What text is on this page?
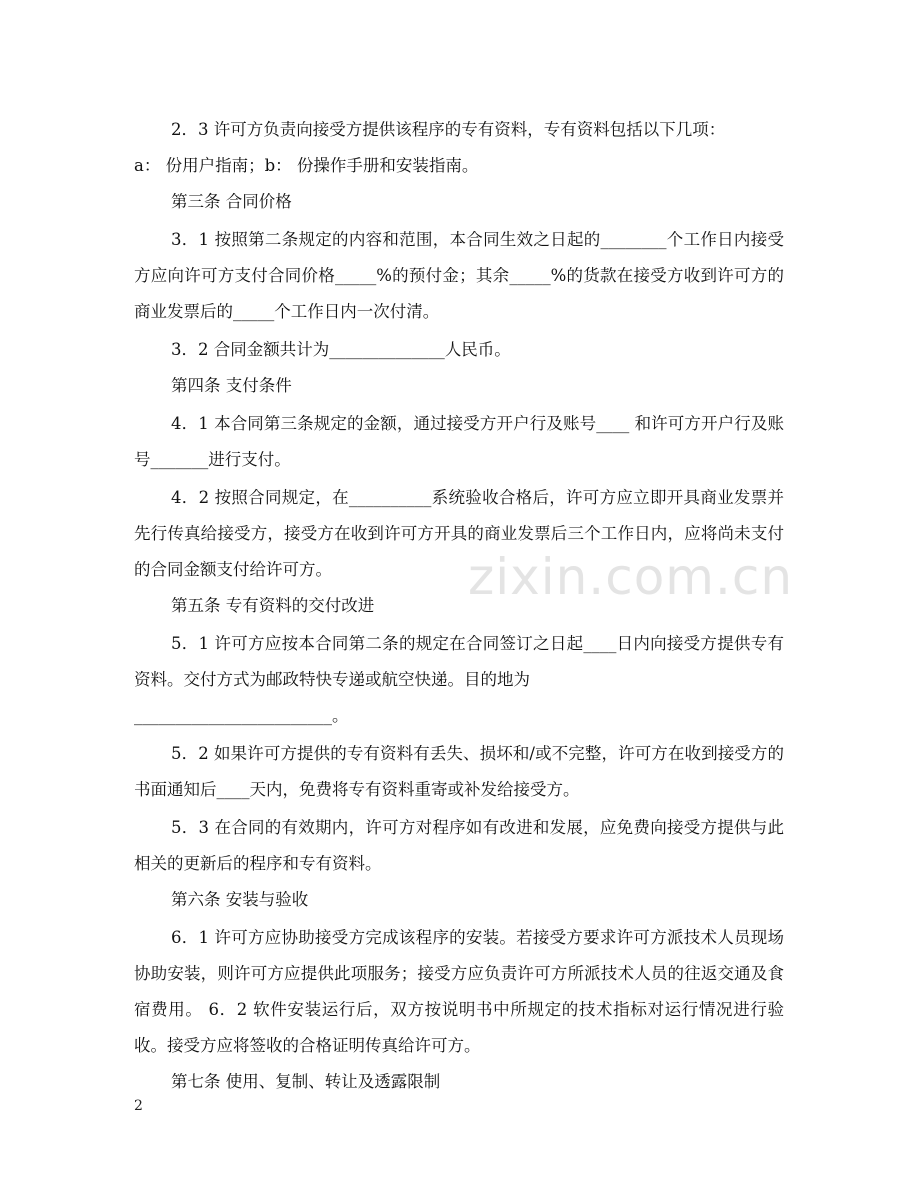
2．3 许可方负责向接受方提供该程序的专有资料，专有资料包括以下几项：

a： 份用户指南；b： 份操作手册和安装指南。

第三条 合同价格

3．1 按照第二条规定的内容和范围，本合同生效之日起的________个工作日内接受方应向许可方支付合同价格_____%的预付金；其余_____%的货款在接受方收到许可方的商业发票后的_____个工作日内一次付清。

3．2 合同金额共计为______________人民币。

第四条 支付条件

4．1 本合同第三条规定的金额，通过接受方开户行及账号____ 和许可方开户行及账号_______进行支付。

4．2 按照合同规定，在__________系统验收合格后，许可方应立即开具商业发票并先行传真给接受方，接受方在收到许可方开具的商业发票后三个工作日内，应将尚未支付的合同金额支付给许可方。

第五条 专有资料的交付改进

5．1 许可方应按本合同第二条的规定在合同签订之日起____日内向接受方提供专有资料。交付方式为邮政特快专递或航空快递。目的地为

________________________。

5．2 如果许可方提供的专有资料有丢失、损坏和/或不完整，许可方在收到接受方的书面通知后____天内，免费将专有资料重寄或补发给接受方。

5．3 在合同的有效期内，许可方对程序如有改进和发展，应免费向接受方提供与此相关的更新后的程序和专有资料。

第六条 安装与验收

6．1 许可方应协助接受方完成该程序的安装。若接受方要求许可方派技术人员现场协助安装，则许可方应提供此项服务；接受方应负责许可方所派技术人员的往返交通及食宿费用。 6．2 软件安装运行后，双方按说明书中所规定的技术指标对运行情况进行验收。接受方应将签收的合格证明传真给许可方。

第七条 使用、复制、转让及透露限制

zixin.com.cn
2
